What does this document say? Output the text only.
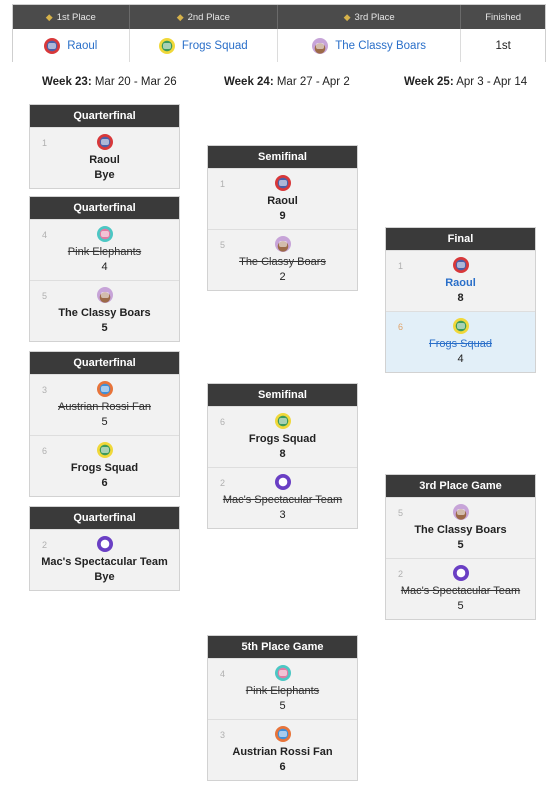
◆ 1st Place	◆ 2nd Place	◆ 3rd Place	Finished
Raoul	Frogs Squad	The Classy Boars	1st
Week 23: Mar 20 - Mar 26	Week 24: Mar 27 - Apr 2	Week 25: Apr 3 - Apr 14
Quarterfinal
1
Raoul
Bye
Quarterfinal
4
Pink Elephants
4
5
The Classy Boars
5
Quarterfinal
3
Austrian Rossi Fan
5
6
Frogs Squad
6
Quarterfinal
2
Mac's Spectacular Team
Bye
Semifinal
1
Raoul
9
5
The Classy Boars
2
Semifinal
6
Frogs Squad
8
2
Mac's Spectacular Team
3
5th Place Game
4
Pink Elephants
5
3
Austrian Rossi Fan
6
Final
1
Raoul
8
6
Frogs Squad
4
3rd Place Game
5
The Classy Boars
5
2
Mac's Spectacular Team
5
